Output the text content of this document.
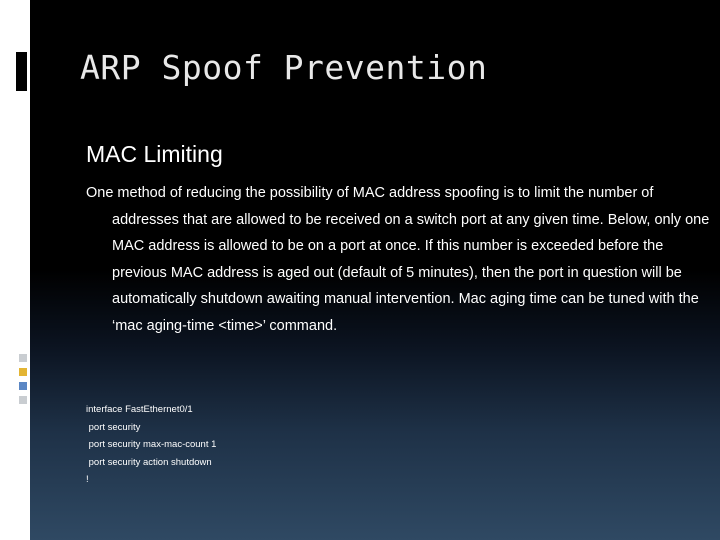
ARP Spoof Prevention
MAC Limiting

One method of reducing the possibility of MAC address spoofing is to limit the number of addresses that are allowed to be received on a switch port at any given time. Below, only one MAC address is allowed to be on a port at once. If this number is exceeded before the previous MAC address is aged out (default of 5 minutes), then the port in question will be automatically shutdown awaiting manual intervention. Mac aging time can be tuned with the ‘mac aging-time <time>’ command.

interface FastEthernet0/1
port security
port security max-mac-count 1
port security action shutdown
!
